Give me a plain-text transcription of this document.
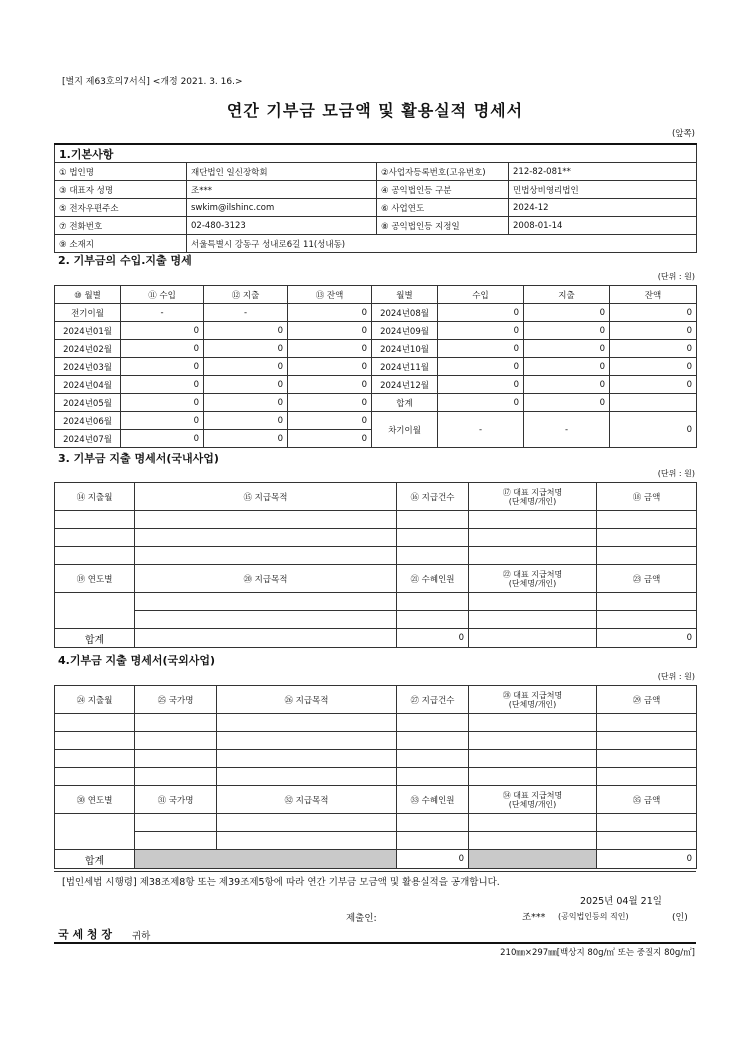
[별지 제63호의7서식] <개정 2021. 3. 16.>
연간 기부금 모금액 및 활용실적 명세서
(앞쪽)
1.기본사항			
① 법인명	재단법인 일신장학회	②사업자등록번호(고유번호)	212-82-081**
③ 대표자 성명	조***	④ 공익법인등 구분	민법상비영리법인
⑤ 전자우편주소	swkim@ilshinc.com	⑥ 사업연도	2024-12
⑦ 전화번호	02-480-3123	⑧ 공익법인등 지정일	2008-01-14
⑨ 소재지	서울특별시 강동구 성내로6길 11(성내동)		
2. 기부금의 수입.지출 명세
(단위 : 원)
⑩ 월별	⑪ 수입	⑫ 지출	⑬ 잔액	월별	수입	지출	잔액
전기이월	-	-	0	2024년08월	0	0	0
2024년01월	0	0	0	2024년09월	0	0	0
2024년02월	0	0	0	2024년10월	0	0	0
2024년03월	0	0	0	2024년11월	0	0	0
2024년04월	0	0	0	2024년12월	0	0	0
2024년05월	0	0	0	합계	0	0	
2024년06월	0	0	0	차기이월	-	-	0
2024년07월	0	0	0				
3. 기부금 지출 명세서(국내사업)
(단위 : 원)
⑭ 지출월	⑮ 지급목적	⑯ 지급건수	⑰ 대표 지급처명
(단체명/개인)	⑱ 금액

⑲ 연도별	⑳ 지급목적	㉑ 수혜인원	㉒ 대표 지급처명
(단체명/개인)	㉓ 금액

합계		0		0
4.기부금 지출 명세서(국외사업)
(단위 : 원)
㉔ 지출월	㉕ 국가명	㉖ 지급목적	㉗ 지급건수	㉘ 대표 지급처명
(단체명/개인)	㉙ 금액

㉚ 연도별	㉛ 국가명	㉜ 지급목적	㉝ 수혜인원	㉞ 대표 지급처명
(단체명/개인)	㉟ 금액

합계			0		0
[법인세법 시행령] 제38조제8항 또는 제39조제5항에 따라 연간 기부금 모금액 및 활용실적을 공개합니다.
2025년 04월 21일
제출인:	조*** (공익법인등의 직인)	(인)
국 세 청 장 귀하
210㎜×297㎜[백상지 80g/㎡ 또는 중질지 80g/㎡]
